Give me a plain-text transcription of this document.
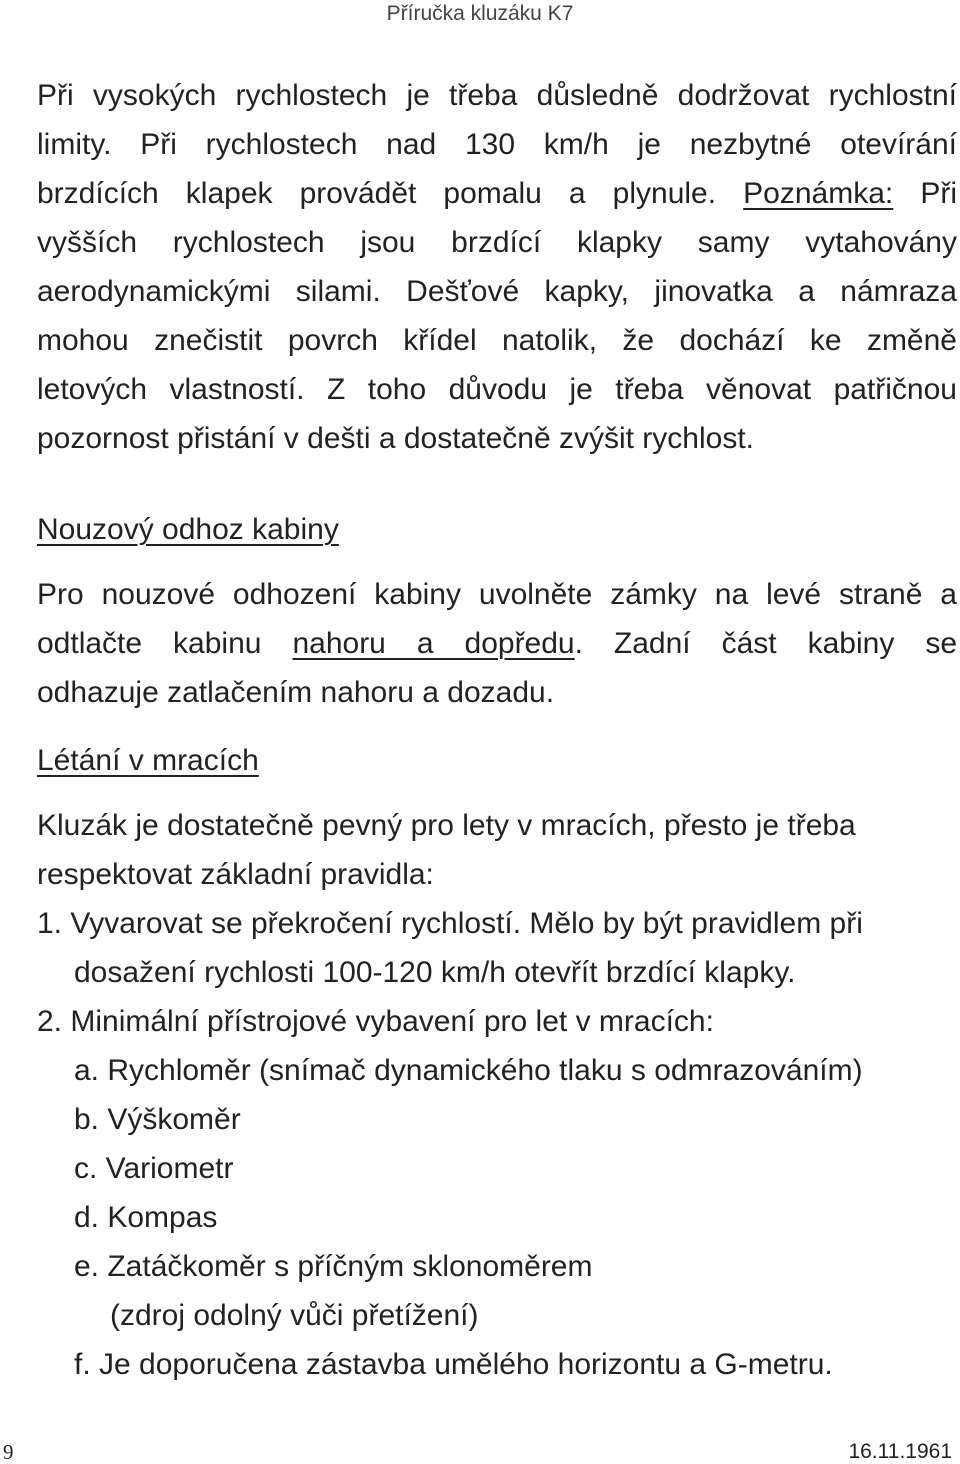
Příručka kluzáku K7
Při vysokých rychlostech je třeba důsledně dodržovat rychlostní
limity. Při rychlostech nad 130 km/h je nezbytné otevírání
brzdících klapek provádět pomalu a plynule. Poznámka: Při
vyšších rychlostech jsou brzdící klapky samy vytahovány
aerodynamickými silami. Dešťové kapky, jinovatka a námraza
mohou znečistit povrch křídel natolik, že dochází ke změně
letových vlastností. Z toho důvodu je třeba věnovat patřičnou
pozornost přistání v dešti a dostatečně zvýšit rychlost.
Nouzový odhoz kabiny
Pro nouzové odhození kabiny uvolněte zámky na levé straně a
odtlačte kabinu nahoru a dopředu. Zadní část kabiny se
odhazuje zatlačením nahoru a dozadu.
Létání v mracích
Kluzák je dostatečně pevný pro lety v mracích, přesto je třeba
respektovat základní pravidla:
1. Vyvarovat se překročení rychlostí. Mělo by být pravidlem při
dosažení rychlosti 100-120 km/h otevřít brzdící klapky.
2. Minimální přístrojové vybavení pro let v mracích:
a. Rychloměr (snímač dynamického tlaku s odmrazováním)
b. Výškoměr
c. Variometr
d. Kompas
e. Zatáčkoměr s příčným sklonoměrem
(zdroj odolný vůči přetížení)
f. Je doporučena zástavba umělého horizontu a G-metru.
9	16.11.1961
